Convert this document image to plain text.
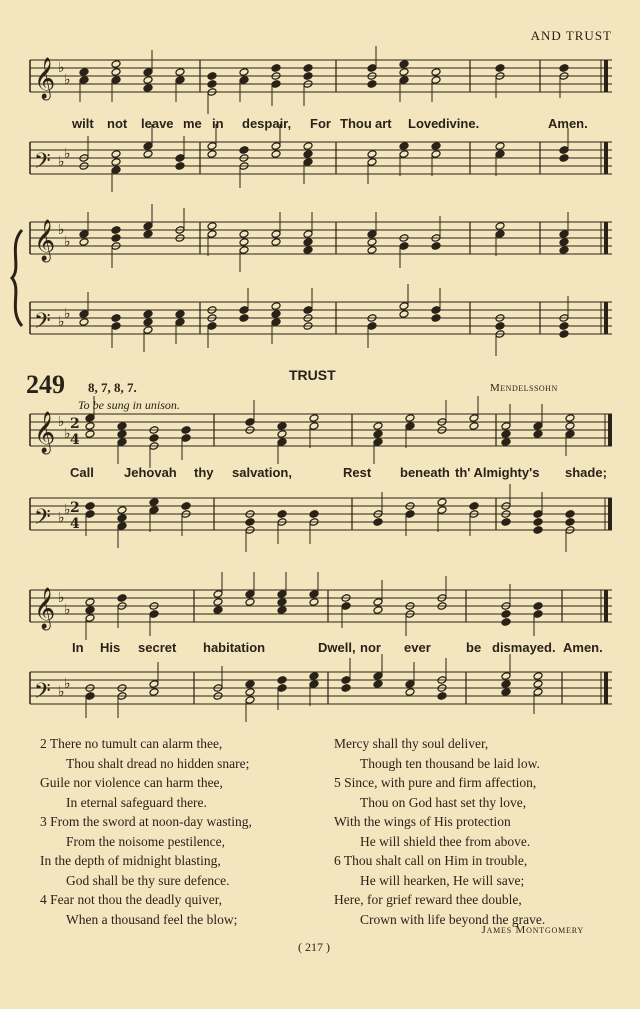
AND TRUST
𝄞 ♭
♭
𝄢 ♭ ♭
𝄞 ♭
♭
𝄢 ♭ ♭
𝄞 ♭
♭
2
4
𝄢 ♭ ♭ 2
4
𝄞 ♭
♭
𝄢 ♭ ♭
wilt not leave me in despair, For Thou art Love divine.	Amen.
249 8, 7, 8, 7.
TRUST
Mendelssohn
To be sung in unison.
Call Jehovah thy salvation,	Rest beneath th' Almighty's shade;
In His secret habitation	Dwell, nor ever	be dismayed. Amen.
2 There no tumult can alarm thee,
Thou shalt dread no hidden snare;
Guile nor violence can harm thee,
In eternal safeguard there.
3 From the sword at noon-day wasting,
From the noisome pestilence,
In the depth of midnight blasting,
God shall be thy sure defence.
4 Fear not thou the deadly quiver,
When a thousand feel the blow;
Mercy shall thy soul deliver,
Though ten thousand be laid low.
5 Since, with pure and firm affection,
Thou on God hast set thy love,
With the wings of His protection
He will shield thee from above.
6 Thou shalt call on Him in trouble,
He will hearken, He will save;
Here, for grief reward thee double,
Crown with life beyond the grave.
James Montgomery
( 217 )
